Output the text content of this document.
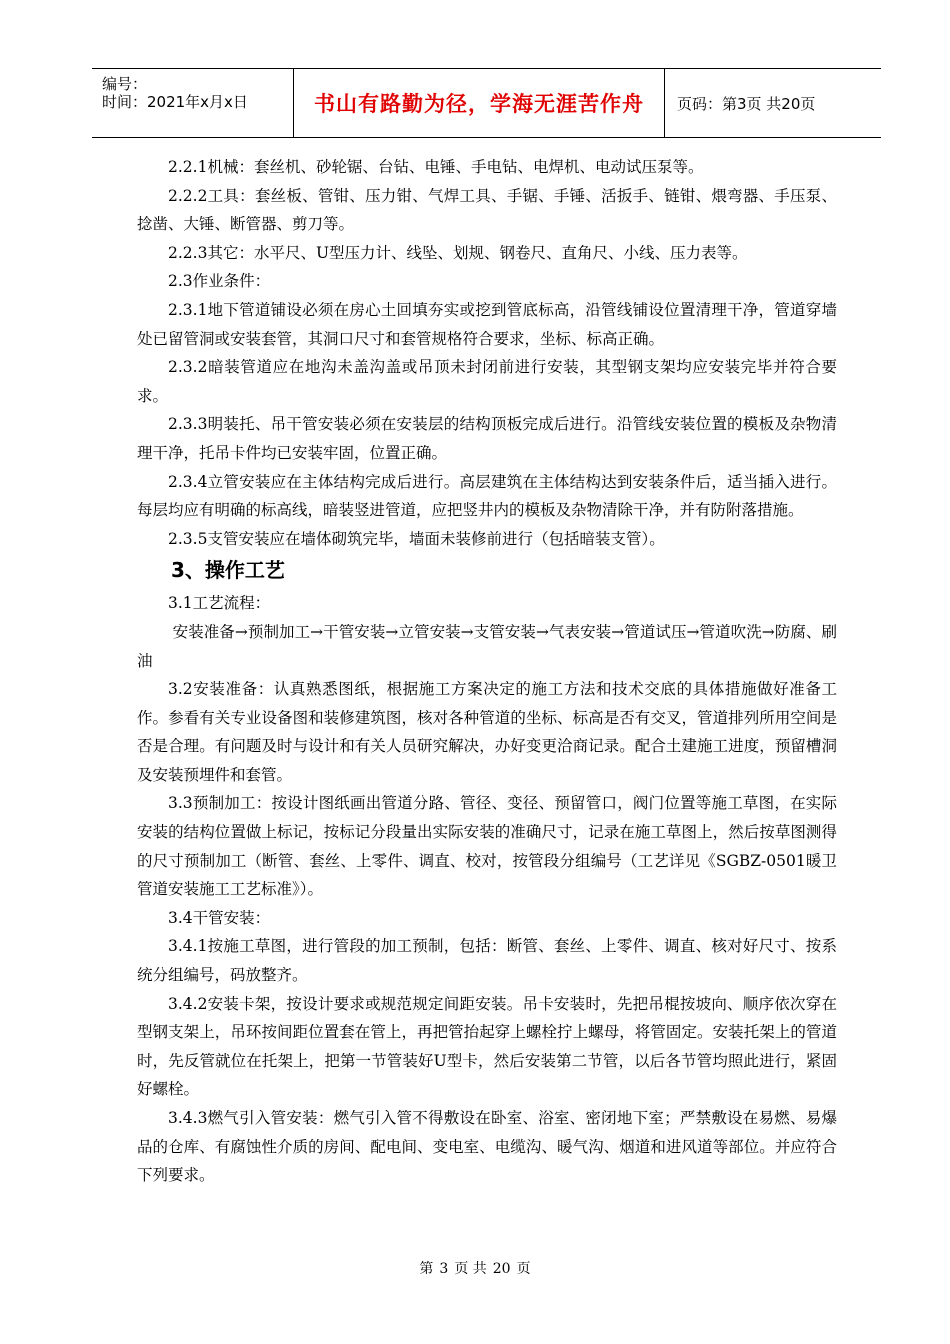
编号：
时间：2021年x月x日	书山有路勤为径，学海无涯苦作舟	页码：第3页 共20页

2.2.1机械：套丝机、砂轮锯、台钻、电锤、手电钻、电焊机、电动试压泵等。

2.2.2工具：套丝板、管钳、压力钳、气焊工具、手锯、手锤、活扳手、链钳、煨弯器、手压泵、捻凿、大锤、断管器、剪刀等。

2.2.3其它：水平尺、U型压力计、线坠、划规、钢卷尺、直角尺、小线、压力表等。

2.3作业条件：

2.3.1地下管道铺设必须在房心土回填夯实或挖到管底标高，沿管线铺设位置清理干净，管道穿墙处已留管洞或安装套管，其洞口尺寸和套管规格符合要求，坐标、标高正确。

2.3.2暗装管道应在地沟未盖沟盖或吊顶未封闭前进行安装，其型钢支架均应安装完毕并符合要求。

2.3.3明装托、吊干管安装必须在安装层的结构顶板完成后进行。沿管线安装位置的模板及杂物清理干净，托吊卡件均已安装牢固，位置正确。

2.3.4立管安装应在主体结构完成后进行。高层建筑在主体结构达到安装条件后，适当插入进行。每层均应有明确的标高线，暗装竖进管道，应把竖井内的模板及杂物清除干净，并有防附落措施。

2.3.5支管安装应在墙体砌筑完毕，墙面未装修前进行（包括暗装支管）。

3、操作工艺

3.1工艺流程：

安装准备→预制加工→干管安装→立管安装→支管安装→气表安装→管道试压→管道吹洗→防腐、刷油

3.2安装准备：认真熟悉图纸，根据施工方案决定的施工方法和技术交底的具体措施做好准备工作。参看有关专业设备图和装修建筑图，核对各种管道的坐标、标高是否有交叉，管道排列所用空间是否是合理。有问题及时与设计和有关人员研究解决，办好变更洽商记录。配合土建施工进度，预留槽洞及安装预埋件和套管。

3.3预制加工：按设计图纸画出管道分路、管径、变径、预留管口，阀门位置等施工草图，在实际安装的结构位置做上标记，按标记分段量出实际安装的准确尺寸，记录在施工草图上，然后按草图测得的尺寸预制加工（断管、套丝、上零件、调直、校对，按管段分组编号（工艺详见《SGBZ-0501暖卫管道安装施工工艺标准》）。

3.4干管安装：

3.4.1按施工草图，进行管段的加工预制，包括：断管、套丝、上零件、调直、核对好尺寸、按系统分组编号，码放整齐。

3.4.2安装卡架，按设计要求或规范规定间距安装。吊卡安装时，先把吊棍按坡向、顺序依次穿在型钢支架上，吊环按间距位置套在管上，再把管抬起穿上螺栓拧上螺母，将管固定。安装托架上的管道时，先反管就位在托架上，把第一节管装好U型卡，然后安装第二节管，以后各节管均照此进行，紧固好螺栓。

3.4.3燃气引入管安装：燃气引入管不得敷设在卧室、浴室、密闭地下室；严禁敷设在易燃、易爆品的仓库、有腐蚀性介质的房间、配电间、变电室、电缆沟、暖气沟、烟道和进风道等部位。并应符合下列要求。

第 3 页 共 20 页
